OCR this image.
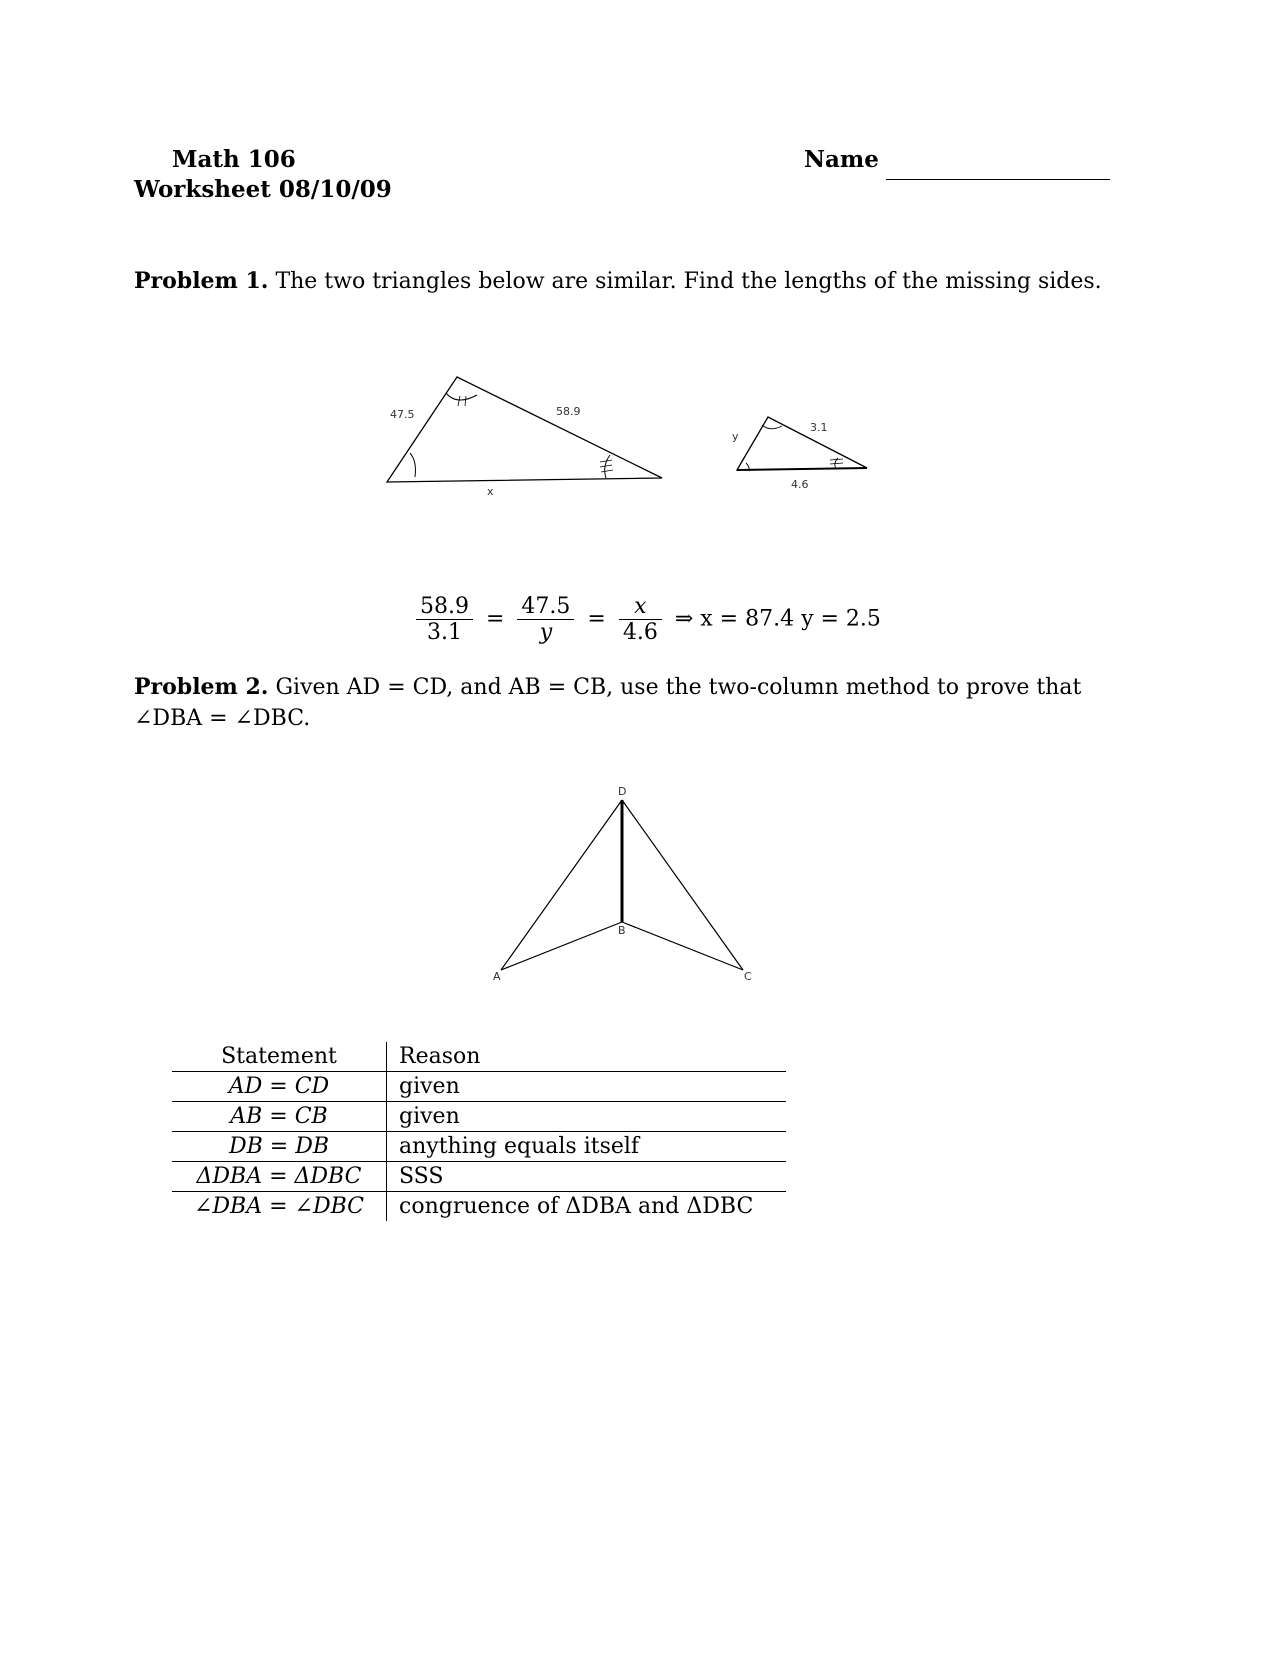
Math 106
Worksheet 08/10/09
Name
Problem 1. The two triangles below are similar. Find the lengths of the missing sides.
47.5	58.9
x
y
3.1
4.6
$\frac{58.9}{3.1} = \frac{47.5}{y} = \frac{x}{4.6}$ ⇒ x = 87.4 y = 2.5
Problem 2. Given AD = CD, and AB = CB, use the two-column method to prove that
∠DBA = ∠DBC.
D
B
A	C
Statement	Reason
AD = CD	given
AB = CB	given
DB = DB	anything equals itself
ΔDBA = ΔDBC	SSS
∠DBA = ∠DBC	congruence of ΔDBA and ΔDBC
